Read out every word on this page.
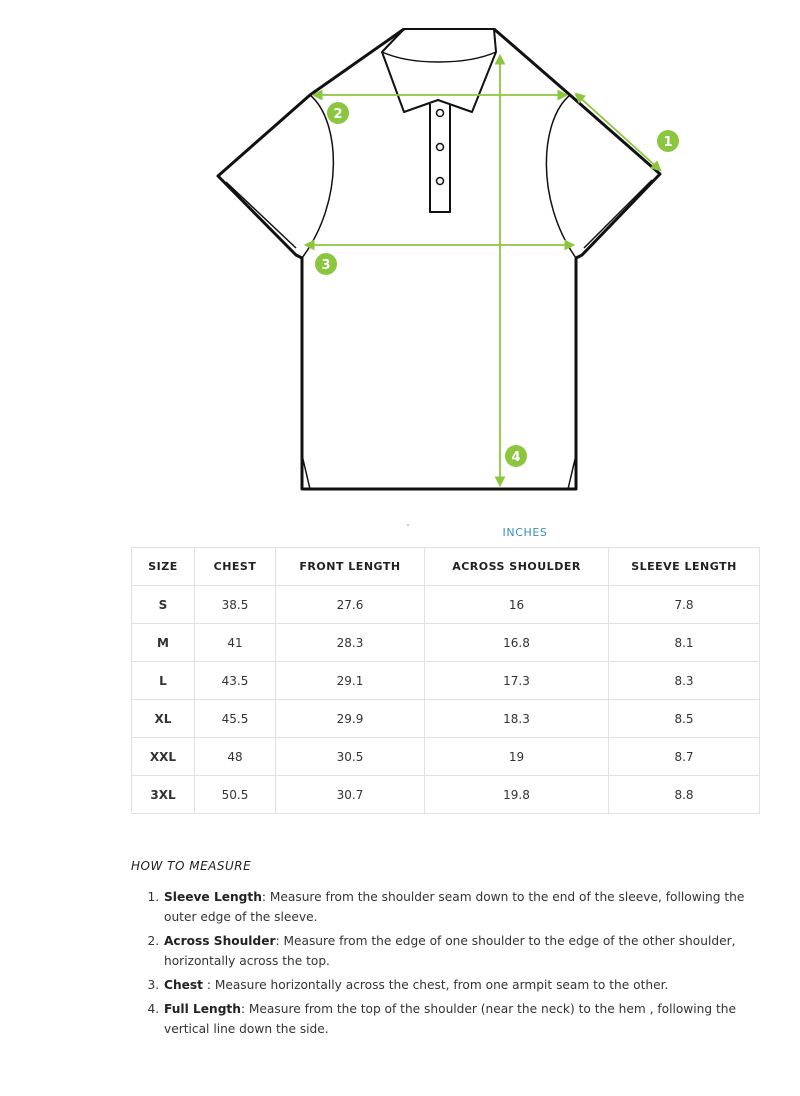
1
2
3
4
INCHES
SIZE	CHEST	FRONT LENGTH	ACROSS SHOULDER	SLEEVE LENGTH
S	38.5	27.6	16	7.8
M	41	28.3	16.8	8.1
L	43.5	29.1	17.3	8.3
XL	45.5	29.9	18.3	8.5
XXL	48	30.5	19	8.7
3XL	50.5	30.7	19.8	8.8
HOW TO MEASURE
1. Sleeve Length: Measure from the shoulder seam down to the end of the sleeve, following the outer edge of the sleeve.
2. Across Shoulder: Measure from the edge of one shoulder to the edge of the other shoulder, horizontally across the top.
3. Chest : Measure horizontally across the chest, from one armpit seam to the other.
4. Full Length: Measure from the top of the shoulder (near the neck) to the hem , following the vertical line down the side.
